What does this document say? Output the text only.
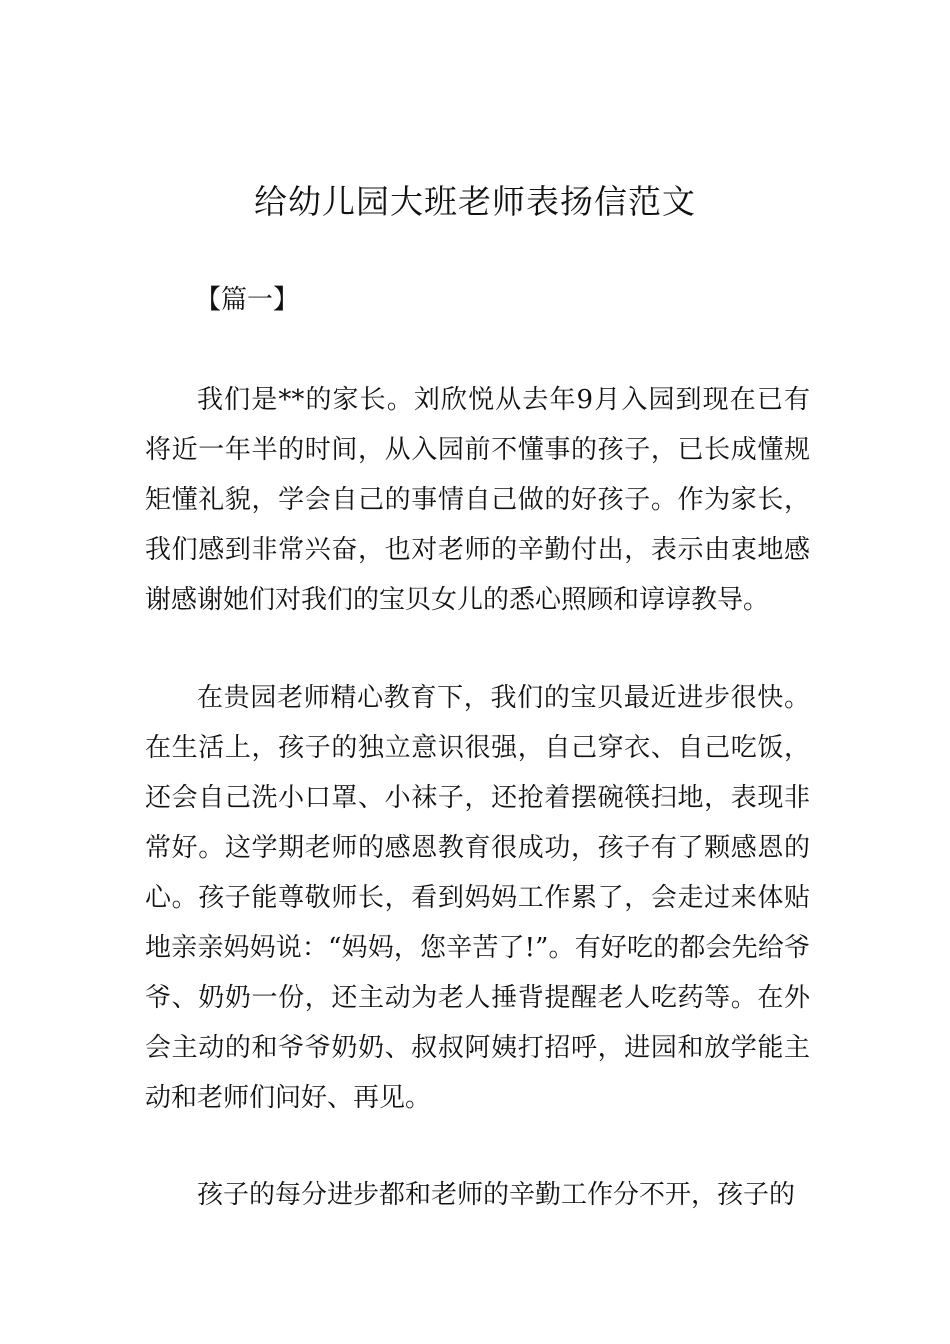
给幼儿园大班老师表扬信范文
【篇一】

我们是**的家长。刘欣悦从去年9月入园到现在已有将近一年半的时间，从入园前不懂事的孩子，已长成懂规矩懂礼貌，学会自己的事情自己做的好孩子。作为家长，我们感到非常兴奋，也对老师的辛勤付出，表示由衷地感谢感谢她们对我们的宝贝女儿的悉心照顾和谆谆教导。

在贵园老师精心教育下，我们的宝贝最近进步很快。在生活上，孩子的独立意识很强，自己穿衣、自己吃饭，还会自己洗小口罩、小袜子，还抢着摆碗筷扫地，表现非常好。这学期老师的感恩教育很成功，孩子有了颗感恩的心。孩子能尊敬师长，看到妈妈工作累了，会走过来体贴地亲亲妈妈说：“妈妈，您辛苦了!”。有好吃的都会先给爷爷、奶奶一份，还主动为老人捶背提醒老人吃药等。在外会主动的和爷爷奶奶、叔叔阿姨打招呼，进园和放学能主动和老师们问好、再见。

孩子的每分进步都和老师的辛勤工作分不开，孩子的
